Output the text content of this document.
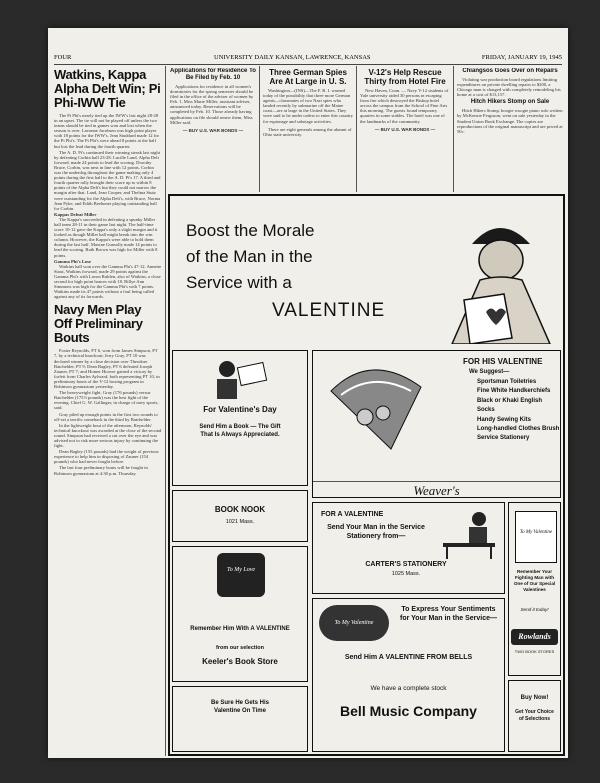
FOUR	UNIVERSITY DAILY KANSAN, LAWRENCE, KANSAS	FRIDAY, JANUARY 19, 1945
Watkins, Kappa Alpha Delt Win; Pi Phi-IWW Tie

The Pi Phi's nearly tied up the IWW's last night 28-28 in an upset. The tie will not be played off unless the two teams should be tied in games won and lost when the season is over. Lavonne Jacobsen was high point player with 18 points for the IWW's. Jean Studdard made 12 for the Pi Phi's. The Pi Phi's were ahead 8 points at the half but lost the lead during the fourth quarter.

The A. D. Pi's continued their winning streak last night by defeating Corbin hall 23-28. Lucille Land, Alpha Delt forward, made 24 points to lead the scoring. Dorothy Bruce, Corbin, was next in line with 12 points. Corbin was the underdog throughout the game making only 4 points during the first half to the A. D. Pi's 17. A third and fourth quarter rally brought their score up to within 8 points of the Alpha Delt's but they could not narrow the margin after that. Land, Jean Cooper, and Thelma Stutz were outstanding for the Alpha Delt's, with Bruce, Norma Jean Pyke, and Edith Beehoner playing outstanding ball for Corbin.

Kappas Defeat Miller

The Kappa's succeeded in defeating a spunky Miller hall team 28-11 in their game last night. The half-time score 10-12 gave the Kappa's only a slight margin and it looked as though Miller hall might break into the win column. However, the Kappa's were able to hold them during the last half. Maxine Gunsolly made 14 points to lead the scoring. Ruth Brown was high for Miller with 8 points.

Gamma Phi's Lose

Watkins hall won over the Gamma Phi's 47-12. Annette Stout, Watkins forward, made 29 points against the Gamma Phi's with Lavon Ruhlen, also of Watkins, a close second for high point honors with 18. Billye Ann Simmons was high for the Gamma Phi's with 7 points. Watkins made its 47 points without a foul being called against any of its forwards.

Navy Men Play Off Preliminary Bouts

Foster Reynolds, PT 6, won from James Simpson, PT 7, by a technical knockout; Jerry Gray, PT 10 was declared winner by a close decision over Theodore Batchelder, PT 9; Dean Bagley, PT 6 defeated Joseph Zauner, PT 7; and Homer Hoover gained a victory by forfeit from Charles Aylward, both representing PT 10, in preliminary bouts of the V-12 boxing program in Robinson gymnasium yesterday.

The heavyweight fight, Gray (176 pounds) versus Batchelder (175½ pounds) was the best fight of the evening. Chief G. W. Gallinger, in charge of navy sports, said.

Gray piled up enough points in the first two rounds to off-set a terrific comeback in the third by Batchelder.

In the lightweight bout of the afternoon, Reynolds' technical knockout was awarded at the close of the second round. Simpson had received a cut over the eye and was advised not to risk more serious injury by continuing the fight.

Dean Bagley (155 pounds) had the weight of previous experience to help him in disposing of Zauner (154 pounds) who had never fought before.

The last four preliminary bouts will be fought in Robinson gymnasium at 4:30 p.m. Thursday.

Applications for Residence To Be Filed by Feb. 10

Applications for residence in all women's dormitories for the spring semester should be filed in the office of the adviser of women by Feb. 1, Miss Marie Miller, assistant adviser, announced today. Reservations will be completed by Feb. 10. Those already having applications on file should renew them, Miss Miller said.

— BUY U.S. WAR BONDS —
Three German Spies Are At Large in U. S.

Washington—(INS)—The F. B. I. warned today of the possibility that three more German agents—classmates of two Nazi spies who landed recently by submarine off the Maine coast—are at large in the United States. They were said to be under orders to enter this country for espionage and sabotage activities.

There are eight generals among the alumni of Ohio state university.

V-12's Help Rescue Thirty from Hotel Fire

New Haven, Conn. — Navy V-12 students of Yale university aided 30 persons in escaping from fire which destroyed the Bishop hotel across the campus from the School of Fine Arts this morning. The guests found temporary quarters in some stables. The hotel was one of the landmarks of the community.

— BUY U.S. WAR BONDS —
Chiangsos Goes Over on Repairs

Violating war production board regulations limiting expenditures on private dwelling repairs to $200, a Chicago man is charged with completely remodeling his home at a cost of $13,157.

Hitch Hikers Stomp on Sale

Hitch Hikers Stomp, boogie woogie piano solo written by McKenzie Ferguson, went on sale yesterday in the Student Union Book Exchange. The copies are reproductions of the original manuscript and are priced at 50c.

Boost the Morale
of the Man in the
Service with a
VALENTINE
For Valentine's Day
Send Him a Book — The Gift That Is Always Appreciated.
FOR HIS VALENTINE
We Suggest—
Sportsman Toiletries
Fine White Handkerchiefs
Black or Khaki English Socks
Handy Sewing Kits
Long-handled Clothes Brush
Service Stationery
Weaver's
BOOK NOOK
1021 Mass.
To My Love
Remember Him With A VALENTINE
from our selection
Keeler's Book Store
Be Sure He Gets His Valentine On Time
FOR A VALENTINE
Send Your Man in the Service Stationery from—
CARTER'S STATIONERY
1025 Mass.
To My Valentine
Remember Your Fighting Man with One of Our Special Valentines
Send it today!
Rowlands
TWO BOOK STORES
Buy Now!
Get Your Choice of Selections
To My Valentine
To Express Your Sentiments for Your Man in the Service—
Send Him A VALENTINE FROM BELLS
We have a complete stock
Bell Music Company
